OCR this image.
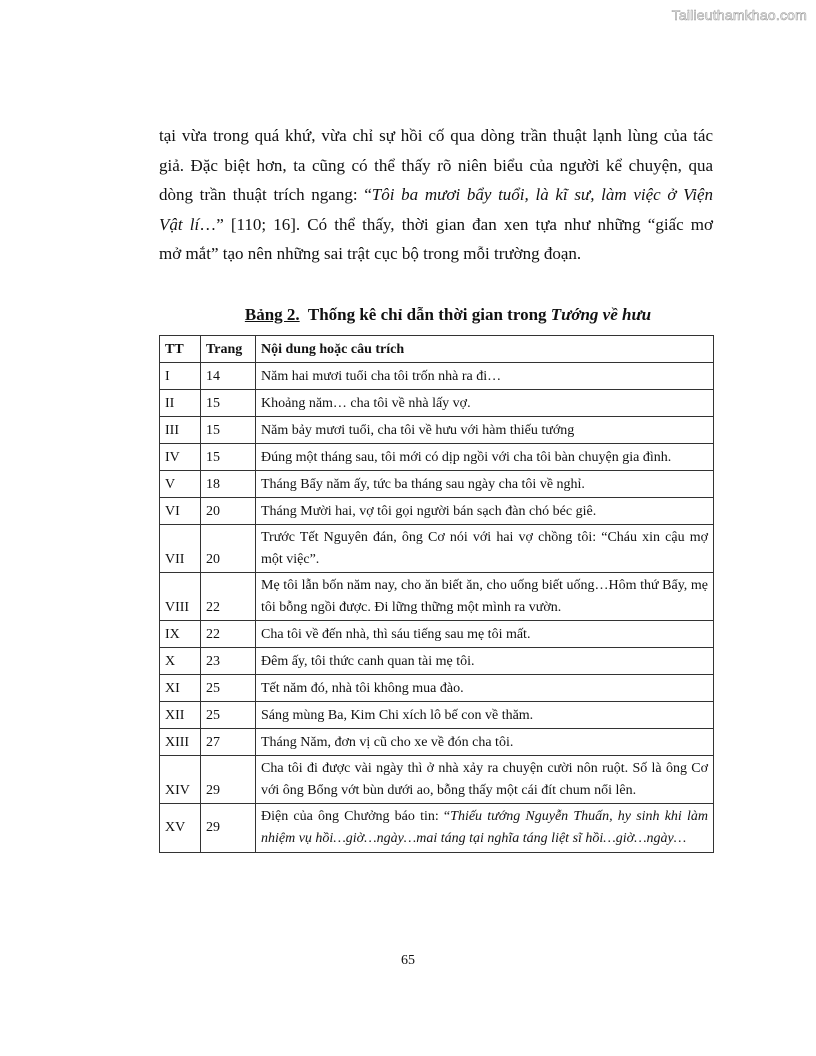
Tailieuthamkhao.com
tại vừa trong quá khứ, vừa chỉ sự hồi cố qua dòng trần thuật lạnh lùng của tác
giả. Đặc biệt hơn, ta cũng có thể thấy rõ niên biểu của người kể chuyện, qua
dòng trần thuật trích ngang: “Tôi ba mươi bẩy tuổi, là kĩ sư, làm việc ở Viện
Vật lí…” [110; 16]. Có thể thấy, thời gian đan xen tựa như những “giấc mơ
mở mắt” tạo nên những sai trật cục bộ trong mỗi trường đoạn.
Bảng 2. Thống kê chỉ dẫn thời gian trong Tướng về hưu
TT	Trang	Nội dung hoặc câu trích
I	14	Năm hai mươi tuổi cha tôi trốn nhà ra đi…
II	15	Khoảng năm… cha tôi về nhà lấy vợ.
III	15	Năm bảy mươi tuổi, cha tôi về hưu với hàm thiếu tướng
IV	15	Đúng một tháng sau, tôi mới có dịp ngồi với cha tôi bàn chuyện gia đình.
V	18	Tháng Bẩy năm ấy, tức ba tháng sau ngày cha tôi về nghỉ.
VI	20	Tháng Mười hai, vợ tôi gọi người bán sạch đàn chó béc giê.
VII	20	Trước Tết Nguyên đán, ông Cơ nói với hai vợ chồng tôi: “Cháu xin cậu mợ một việc”.
VIII	22	Mẹ tôi lẫn bốn năm nay, cho ăn biết ăn, cho uống biết uống…Hôm thứ Bẩy, mẹ tôi bỗng ngồi được. Đi lững thững một mình ra vườn.
IX	22	Cha tôi về đến nhà, thì sáu tiếng sau mẹ tôi mất.
X	23	Đêm ấy, tôi thức canh quan tài mẹ tôi.
XI	25	Tết năm đó, nhà tôi không mua đào.
XII	25	Sáng mùng Ba, Kim Chi xích lô bế con về thăm.
XIII	27	Tháng Năm, đơn vị cũ cho xe về đón cha tôi.
XIV	29	Cha tôi đi được vài ngày thì ở nhà xảy ra chuyện cười nôn ruột. Số là ông Cơ với ông Bổng vớt bùn dưới ao, bỗng thấy một cái đít chum nổi lên.
XV	29	Điện của ông Chưởng báo tin: “Thiếu tướng Nguyễn Thuấn, hy sinh khi làm nhiệm vụ hồi…giờ…ngày…mai táng tại nghĩa táng liệt sĩ hồi…giờ…ngày…
65
